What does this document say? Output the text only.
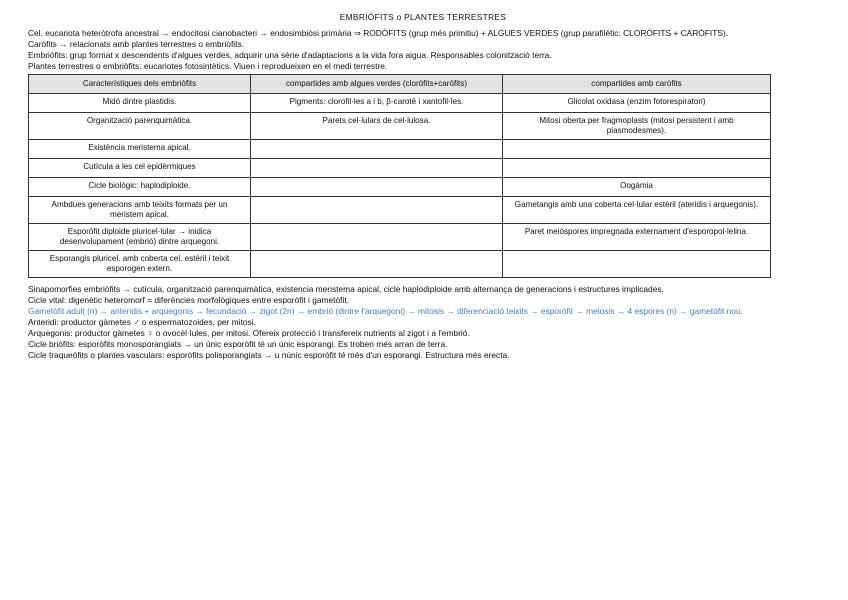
EMBRIÒFITS o PLANTES TERRESTRES

Cel. eucariota heteròtrofa ancestral → endocitosi cianobacteri → endosimbiòsi primària ⇒ RODÒFITS (grup més primitiu) + ALGUES VERDES (grup parafilètic: CLORÒFITS + CARÒFITS).

Caròfits → relacionats amb plantes terrestres o embriòfits.

Embriòfits: grup format x descendents d'algues verdes, adquirir una sèrie d'adaptacions a la vida fora aigua. Responsables colonització terra.

Plantes terrestres o embriòfits: eucariotes fotosintètics. Viuen i reprodueixen en el medi terrestre.

Característiques dels embriòfits	compartides amb algues verdes (cloròfits+caròfits)	compartides amb caròfits
Midó dintre plastidis.	Pigments: clorofil·les a i b, β-carotè i xantofil·les.	Glicolat oxidasa (enzim fotorespiratori)
Organització parenquimàtica.	Parets cel·lulars de cel·lulosa.	Mitosi oberta per fragmoplasts (mitosi persistent i amb plasmodesmes).
Existència meristema apical.		
Cutícula a les cel epidèrmiques		
Cicle biològic: haplodiploide.		Oogàmia
Ambdues generacions amb teixits formats per un meristem apical.		Gametangis amb una coberta cel·lular estèril (ateridis i arquegonis).
Esporòfit diploide pluricel·lular → inidica desenvolupament (embrió) dintre arquegoni.		Paret meiòspores impregnada externament d'esporopol·lelina.
Esporangis pluricel. amb coberta cel. estèril i teixit esporogen extern.		

Sinapomorfies embriòfits → cutícula, organització parenquimàtica, existencia meristema apical, cicle haplodiploide amb alternança de generacions i estructures implicades.

Cicle vital: digenètic heteromorf = diferències morfològiques entre esporòfit i gametòfit.

Gametòfit adult (n) → anteridis + arquegonis → fecundació → zigot (2n) → embrió (dintre l'arquegoni) → mitosis → diferenciació teixits → esporòfit → meiosis → 4 espores (n) → gametòfit nou.

Anteridi: productor gàmetes ♂ o espermatozoides, per mitosi.

Arquegonis: productor gàmetes ♀ o ovocèl·lules, per mitosi. Ofereix protecció i transfereix nutrients al zigot i a l'embrió.

Cicle briòfits: esporòfits monosporangiats → un únic esporòfit té un únic esporangi. Es troben més arran de terra.

Cicle traqueòfits o plantes vasculars: esporòfits polisporangiats → u núnic esporòfit té més d'un esporangi. Estructura més erecta.
